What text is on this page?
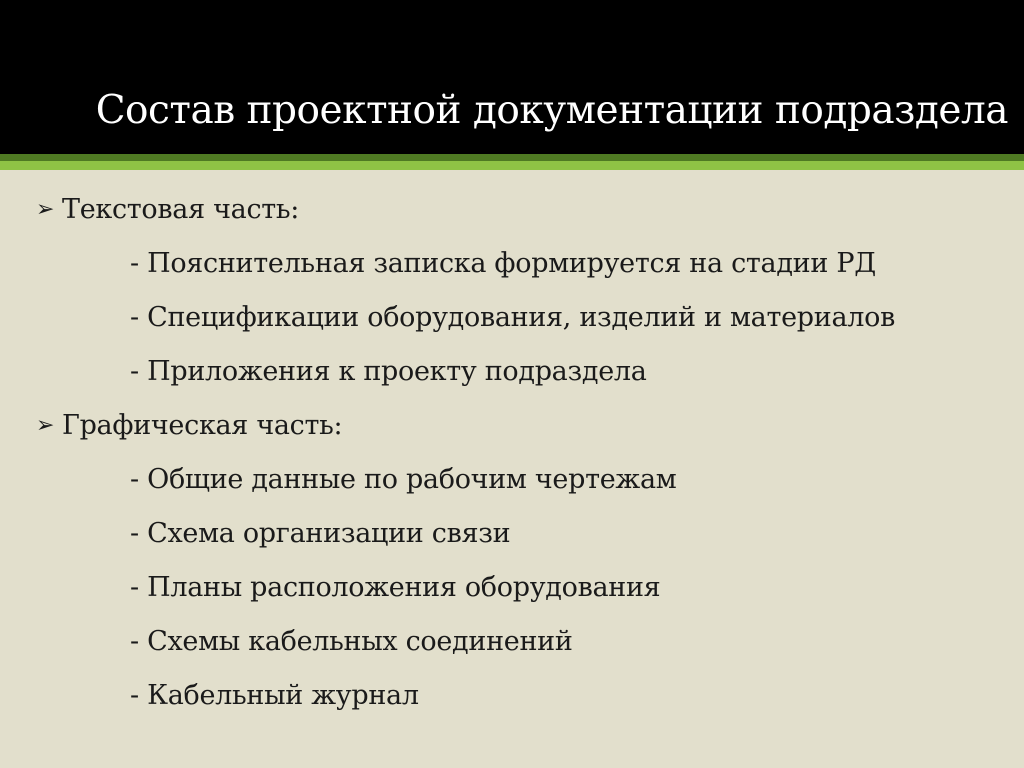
Состав проектной документации подраздела
➢ Текстовая часть:
- Пояснительная записка формируется на стадии РД
- Спецификации оборудования, изделий и материалов
- Приложения к проекту подраздела
➢ Графическая часть:
- Общие данные по рабочим чертежам
- Схема организации связи
- Планы расположения оборудования
- Схемы кабельных соединений
- Кабельный журнал
